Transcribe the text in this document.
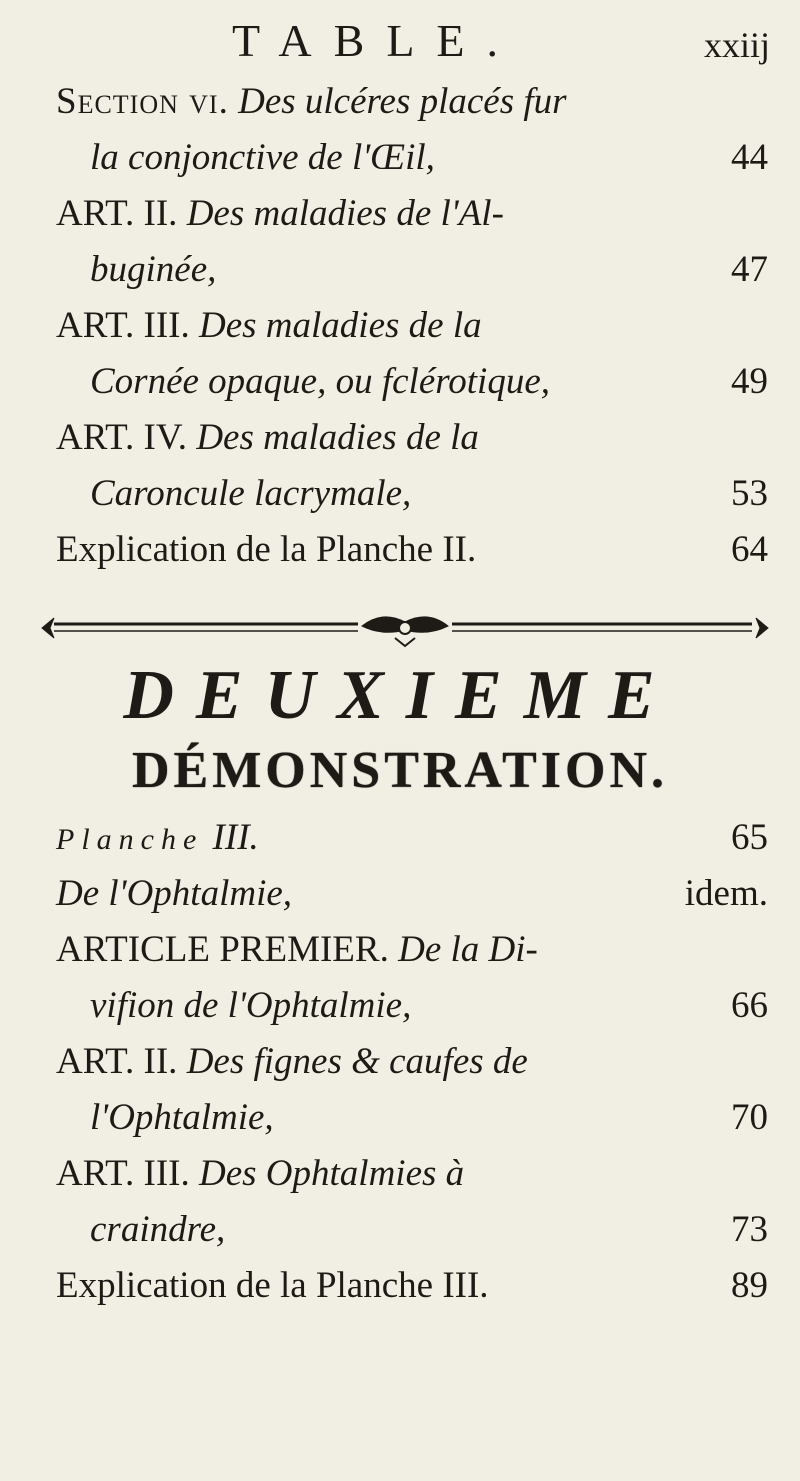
TABLE.	xxiij
Section vi. Des ulcéres placés fur
la conjonctive de l'Œil,	44
ART. II. Des maladies de l'Al-
buginée,	47
ART. III. Des maladies de la
Cornée opaque, ou fclérotique,	49
ART. IV. Des maladies de la
Caroncule lacrymale,	53
Explication de la Planche II.	64
DEUXIEME
DÉMONSTRATION.
Planche III.	65
De l'Ophtalmie,	idem.
ARTICLE PREMIER. De la Di-
vifion de l'Ophtalmie,	66
ART. II. Des fignes & caufes de
l'Ophtalmie,	70
ART. III. Des Ophtalmies à
craindre,	73
Explication de la Planche III.	89
